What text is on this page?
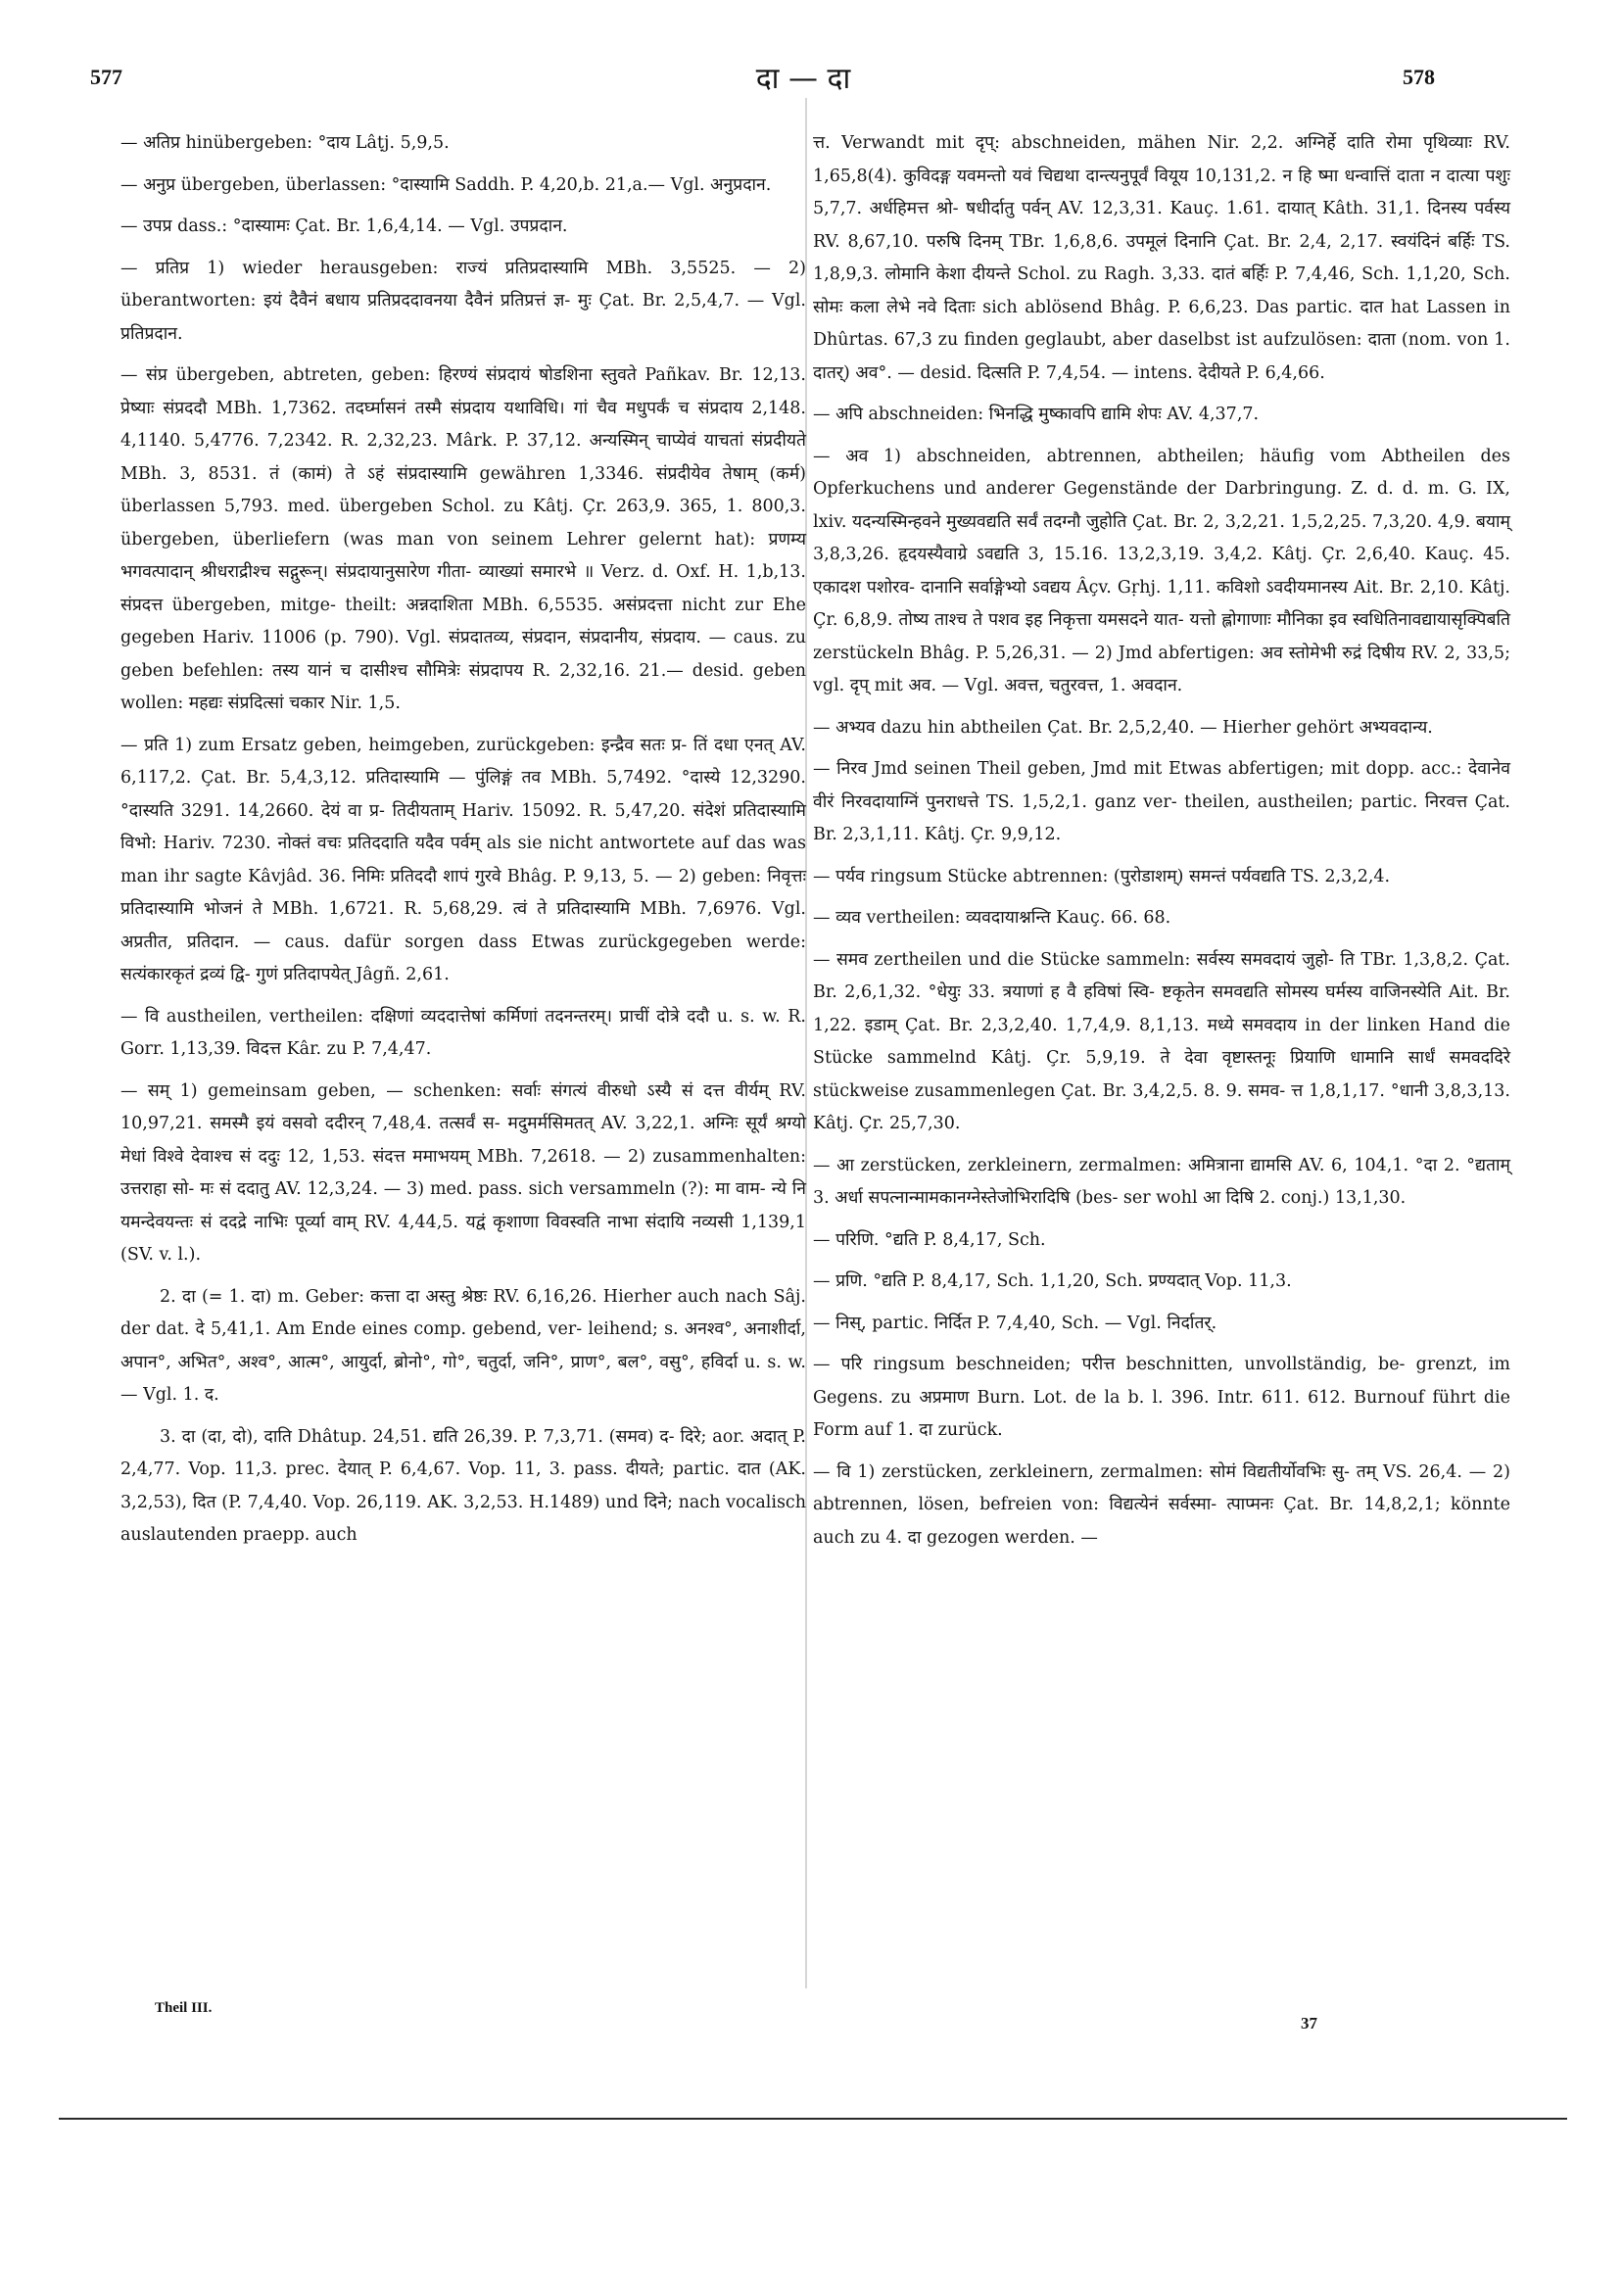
577	दा — दा	578

— अतिप्र hinübergeben: °दाय Lâṭj. 5,9,5.

— अनुप्र übergeben, überlassen: °दास्यामि Saddh. P. 4,20,b. 21,a.— Vgl. अनुप्रदान.

— उपप्र dass.: °दास्यामः Çat. Br. 1,6,4,14. — Vgl. उपप्रदान.

— प्रतिप्र 1) wieder herausgeben: राज्यं प्रतिप्रदास्यामि MBh. 3,5525. — 2) überantworten: इयं दैवैनं बधाय प्रतिप्रददावनया दैवैनं प्रतिप्रत्तं ज्ञ- मुः Çat. Br. 2,5,4,7. — Vgl. प्रतिप्रदान.

— संप्र übergeben, abtreten, geben: हिरण्यं संप्रदायं षोडशिना स्तुवते Pañkav. Br. 12,13. प्रेष्याः संप्रददौ MBh. 1,7362. तदर्घ्मासनं तस्मै संप्रदाय यथाविधि। गां चैव मधुपर्कं च संप्रदाय 2,148. 4,1140. 5,4776. 7,2342. R. 2,32,23. Mârk. P. 37,12. अन्यस्मिन् चाप्येवं याचतां संप्रदीयते MBh. 3, 8531. तं (कामं) ते ऽहं संप्रदास्यामि gewähren 1,3346. संप्रदीयेव तेषाम् (कर्म) überlassen 5,793. med. übergeben Schol. zu Kâtj. Çr. 263,9. 365, 1. 800,3. übergeben, überliefern (was man von seinem Lehrer gelernt hat): प्रणम्य भगवत्पादान् श्रीधराद्रीश्च सद्गुरून्। संप्रदायानुसारेण गीता- व्याख्यां समारभे ॥ Verz. d. Oxf. H. 1,b,13. संप्रदत्त übergeben, mitge- theilt: अन्नदाशिता MBh. 6,5535. असंप्रदत्ता nicht zur Ehe gegeben Hariv. 11006 (p. 790). Vgl. संप्रदातव्य, संप्रदान, संप्रदानीय, संप्रदाय. — caus. zu geben befehlen: तस्य यानं च दासीश्च सौमित्रेः संप्रदापय R. 2,32,16. 21.— desid. geben wollen: महद्यः संप्रदित्सां चकार Nir. 1,5.

— प्रति 1) zum Ersatz geben, heimgeben, zurückgeben: इन्द्रैव सतः प्र- तिं दधा एनत् AV. 6,117,2. Çat. Br. 5,4,3,12. प्रतिदास्यामि — पुंलिङ्गं तव MBh. 5,7492. °दास्ये 12,3290. °दास्यति 3291. 14,2660. देयं वा प्र- तिदीयताम् Hariv. 15092. R. 5,47,20. संदेशं प्रतिदास्यामि विभो: Hariv. 7230. नोक्तं वचः प्रतिददाति यदैव पर्वम् als sie nicht antwortete auf das was man ihr sagte Kâvjâd. 36. निमिः प्रतिददौ शापं गुरवे Bhâg. P. 9,13, 5. — 2) geben: निवृत्तः प्रतिदास्यामि भोजनं ते MBh. 1,6721. R. 5,68,29. त्वं ते प्रतिदास्यामि MBh. 7,6976. Vgl. अप्रतीत, प्रतिदान. — caus. dafür sorgen dass Etwas zurückgegeben werde: सत्यंकारकृतं द्रव्यं द्वि- गुणं प्रतिदापयेत् Jâgñ. 2,61.

— वि austheilen, vertheilen: दक्षिणां व्यददात्तेषां कर्मिणां तदनन्तरम्। प्राचीं दोत्रे ददौ u. s. w. R. Gorr. 1,13,39. विदत्त Kâr. zu P. 7,4,47.

— सम् 1) gemeinsam geben, — schenken: सर्वाः संगत्यं वीरुधो ऽस्यै सं दत्त वीर्यम् RV. 10,97,21. समस्मै इयं वसवो ददीरन् 7,48,4. तत्सर्वं स- मदुमर्मसिमतत् AV. 3,22,1. अग्निः सूर्यं श्रग्यो मेधां विश्वे देवाश्च सं ददुः 12, 1,53. संदत्त ममाभयम् MBh. 7,2618. — 2) zusammenhalten: उत्तराहा सो- मः सं ददातु AV. 12,3,24. — 3) med. pass. sich versammeln (?): मा वाम- न्ये नि यमन्देवयन्तः सं ददद्रे नाभिः पूर्व्या वाम् RV. 4,44,5. यद्वं कृशाणा विवस्वति नाभा संदायि नव्यसी 1,139,1 (SV. v. l.).

2. दा (= 1. दा) m. Geber: कत्ता दा अस्तु श्रेष्ठः RV. 6,16,26. Hierher auch nach Sâj. der dat. दे 5,41,1. Am Ende eines comp. gebend, ver- leihend; s. अनश्व°, अनाशीर्दा, अपान°, अभित°, अश्व°, आत्म°, आयुर्दा, ब्रोनो°, गो°, चतुर्दा, जनि°, प्राण°, बल°, वसु°, हविर्दा u. s. w. — Vgl. 1. द.

3. दा (दा, दो), दाति Dhâtup. 24,51. द्यति 26,39. P. 7,3,71. (समव) द- दिरे; aor. अदात् P. 2,4,77. Vop. 11,3. prec. देयात् P. 6,4,67. Vop. 11, 3. pass. दीयते; partic. दात (AK. 3,2,53), दित (P. 7,4,40. Vop. 26,119. AK. 3,2,53. H.1489) und दिने; nach vocalisch auslautenden praepp. auch

त्त. Verwandt mit दृप्: abschneiden, mähen Nir. 2,2. अग्निर्हे दाति रोमा पृथिव्याः RV. 1,65,8(4). कुविदङ्ग यवमन्तो यवं चिद्यथा दान्त्यनुपूर्वं वियूय 10,131,2. न हि ष्मा धन्वात्तिं दाता न दात्या पशुः 5,7,7. अर्धहिमत्त श्रो- षधीर्दातु पर्वन् AV. 12,3,31. Kauç. 1.61. दायात् Kâth. 31,1. दिनस्य पर्वस्य RV. 8,67,10. परुषि दिनम् TBr. 1,6,8,6. उपमूलं दिनानि Çat. Br. 2,4, 2,17. स्वयंदिनं बर्हिः TS. 1,8,9,3. लोमानि केशा दीयन्ते Schol. zu Ragh. 3,33. दातं बर्हिः P. 7,4,46, Sch. 1,1,20, Sch. सोमः कला लेभे नवे दिताः sich ablösend Bhâg. P. 6,6,23. Das partic. दात hat Lassen in Dhûrtas. 67,3 zu finden geglaubt, aber daselbst ist aufzulösen: दाता (nom. von 1. दातर्) अव°. — desid. दित्सति P. 7,4,54. — intens. देदीयते P. 6,4,66.

— अपि abschneiden: भिनद्धि मुष्कावपि द्यामि शेपः AV. 4,37,7.

— अव 1) abschneiden, abtrennen, abtheilen; häufig vom Abtheilen des Opferkuchens und anderer Gegenstände der Darbringung. Z. d. d. m. G. IX, lxiv. यदन्यस्मिन्हवने मुख्यवद्यति सर्वं तदग्नौ जुहोति Çat. Br. 2, 3,2,21. 1,5,2,25. 7,3,20. 4,9. बयाम् 3,8,3,26. हृदयस्यैवाग्रे ऽवद्यति 3, 15.16. 13,2,3,19. 3,4,2. Kâtj. Çr. 2,6,40. Kauç. 45. एकादश पशोरव- दानानि सर्वाङ्गेभ्यो ऽवद्यय Âçv. Gṛhj. 1,11. कविशो ऽवदीयमानस्य Ait. Br. 2,10. Kâtj. Çr. 6,8,9. तोष्य ताश्च ते पशव इह निकृत्ता यमसदने यात- यत्तो ह्लोगाणाः मौनिका इव स्वधितिनावद्यायासृक्पिबति zerstückeln Bhâg. P. 5,26,31. — 2) Jmd abfertigen: अव स्तोमेभी रुद्रं दिषीय RV. 2, 33,5; vgl. दृप् mit अव. — Vgl. अवत्त, चतुरवत्त, 1. अवदान.

— अभ्यव dazu hin abtheilen Çat. Br. 2,5,2,40. — Hierher gehört अभ्यवदान्य.

— निरव Jmd seinen Theil geben, Jmd mit Etwas abfertigen; mit dopp. acc.: देवानेव वीरं निरवदायाग्निं पुनराधत्ते TS. 1,5,2,1. ganz ver- theilen, austheilen; partic. निरवत्त Çat. Br. 2,3,1,11. Kâtj. Çr. 9,9,12.

— पर्यव ringsum Stücke abtrennen: (पुरोडाशम्) समन्तं पर्यवद्यति TS. 2,3,2,4.

— व्यव vertheilen: व्यवदायाश्नन्ति Kauç. 66. 68.

— समव zertheilen und die Stücke sammeln: सर्वस्य समवदायं जुहो- ति TBr. 1,3,8,2. Çat. Br. 2,6,1,32. °धेयुः 33. त्रयाणां ह वै हविषां स्वि- ष्टकृतेन समवद्यति सोमस्य घर्मस्य वाजिनस्येति Ait. Br. 1,22. इडाम् Çat. Br. 2,3,2,40. 1,7,4,9. 8,1,13. मध्ये समवदाय in der linken Hand die Stücke sammelnd Kâtj. Çr. 5,9,19. ते देवा वृष्टास्तनूः प्रियाणि धामानि सार्धं समवददिरे stückweise zusammenlegen Çat. Br. 3,4,2,5. 8. 9. समव- त्त 1,8,1,17. °धानी 3,8,3,13. Kâtj. Çr. 25,7,30.

— आ zerstücken, zerkleinern, zermalmen: अमित्राना द्यामसि AV. 6, 104,1. °दा 2. °द्यताम् 3. अर्धा सपत्नान्मामकानग्नेस्तेजोभिरादिषि (bes- ser wohl आ दिषि 2. conj.) 13,1,30.

— परिणि. °द्यति P. 8,4,17, Sch.

— प्रणि. °द्यति P. 8,4,17, Sch. 1,1,20, Sch. प्रण्यदात् Vop. 11,3.

— निस्, partic. निर्दित P. 7,4,40, Sch. — Vgl. निर्दातर्.

— परि ringsum beschneiden; परीत्त beschnitten, unvollständig, be- grenzt, im Gegens. zu अप्रमाण Burn. Lot. de la b. l. 396. Intr. 611. 612. Burnouf führt die Form auf 1. दा zurück.

— वि 1) zerstücken, zerkleinern, zermalmen: सोमं विद्यतीर्योवभिः सु- तम् VS. 26,4. — 2) abtrennen, lösen, befreien von: विद्यत्येनं सर्वस्मा- त्पाप्मनः Çat. Br. 14,8,2,1; könnte auch zu 4. दा gezogen werden. —

Theil III.
37
